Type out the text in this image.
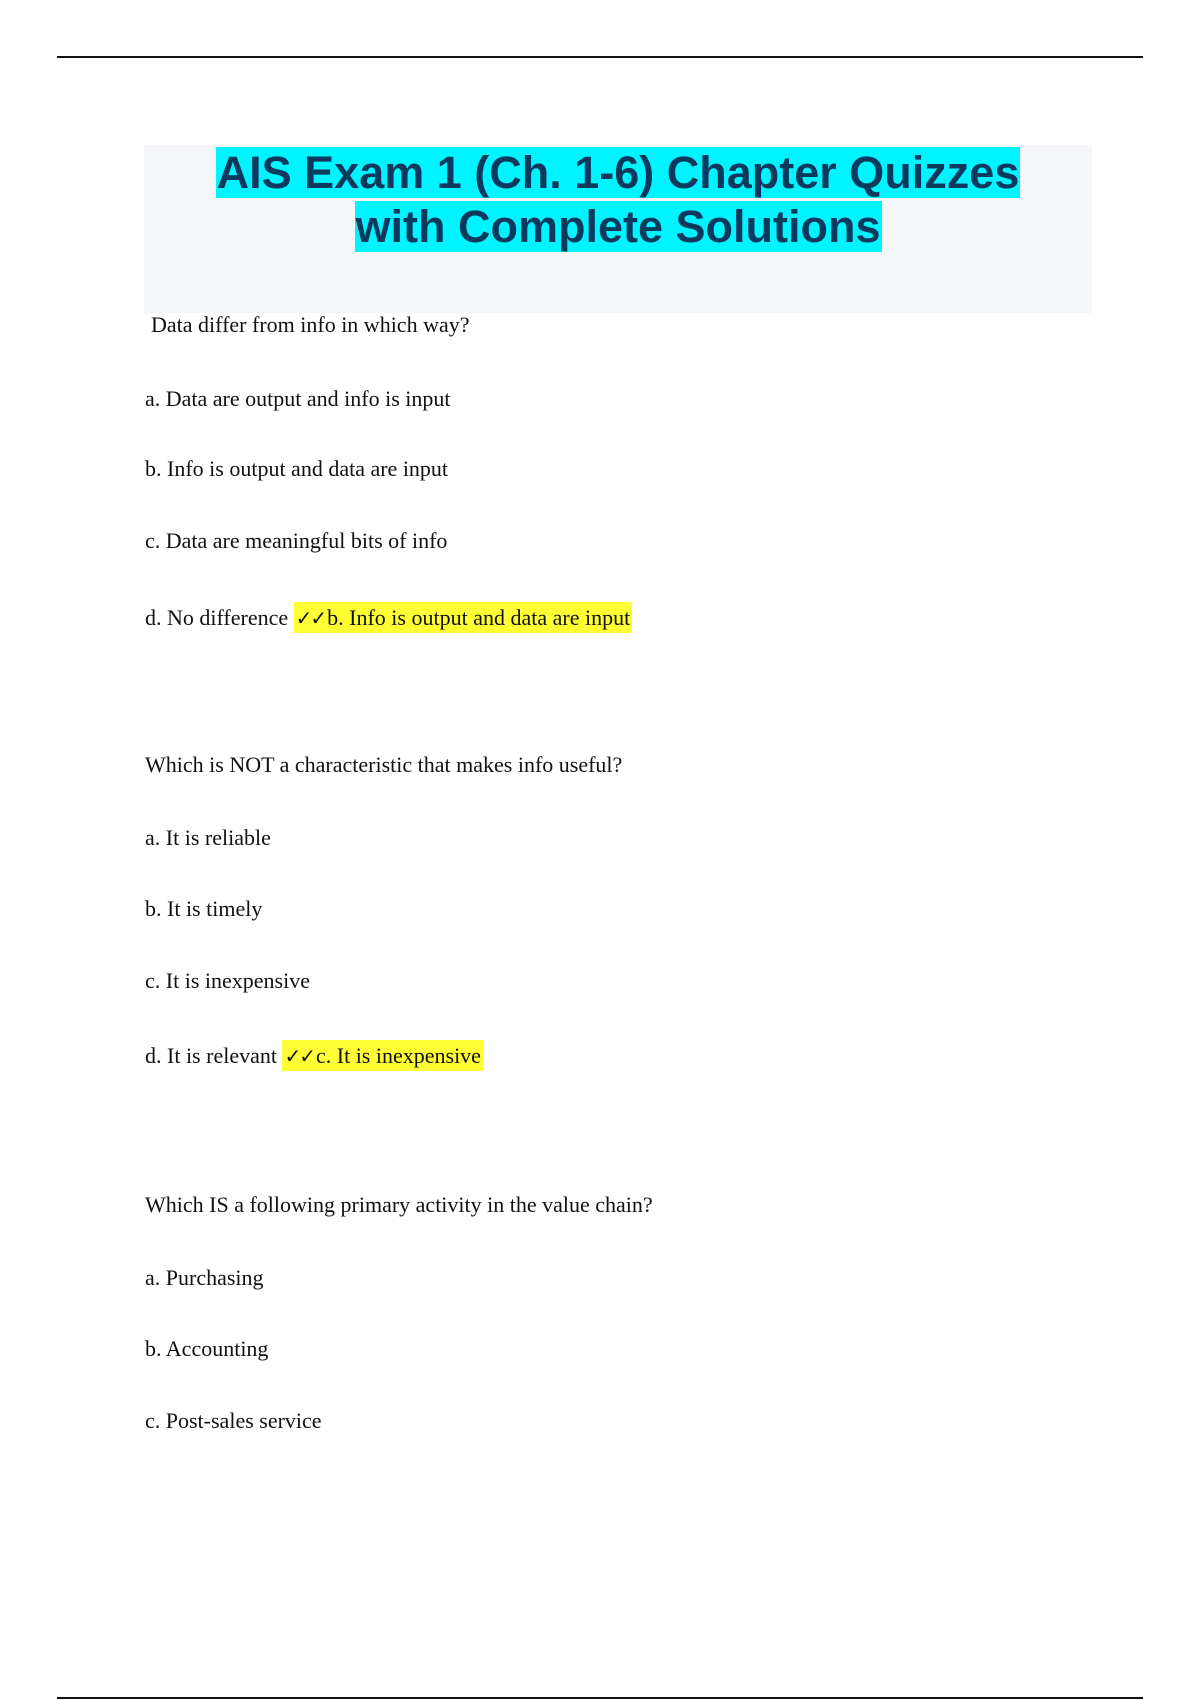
AIS Exam 1 (Ch. 1-6) Chapter Quizzes
with Complete Solutions
Data differ from info in which way?
a. Data are output and info is input
b. Info is output and data are input
c. Data are meaningful bits of info
d. No difference ✓✓b. Info is output and data are input
Which is NOT a characteristic that makes info useful?
a. It is reliable
b. It is timely
c. It is inexpensive
d. It is relevant ✓✓c. It is inexpensive
Which IS a following primary activity in the value chain?
a. Purchasing
b. Accounting
c. Post-sales service
